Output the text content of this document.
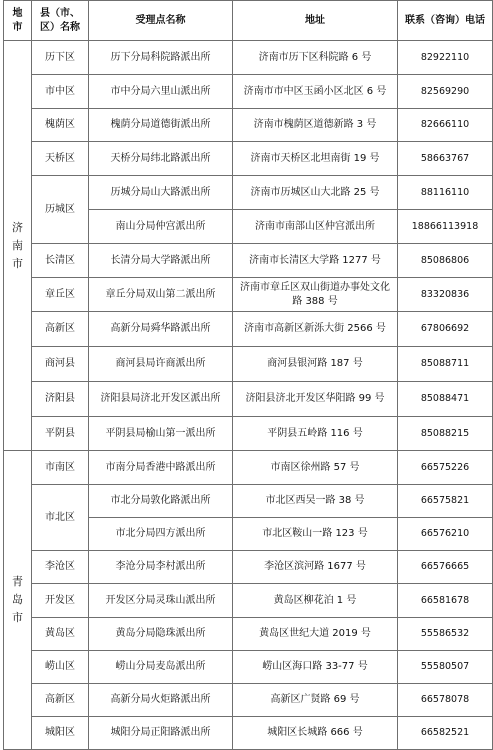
地市	县（市、区）名称	受理点名称	地址	联系（咨询）电话

济南市	历下区	历下分局科院路派出所	济南市历下区科院路 6 号	82922110
	市中区	市中分局六里山派出所	济南市市中区玉函小区北区 6 号	82569290
	槐荫区	槐荫分局道德街派出所	济南市槐荫区道德新路 3 号	82666110
	天桥区	天桥分局纬北路派出所	济南市天桥区北坦南街 19 号	58663767
	历城区	历城分局山大路派出所	济南市历城区山大北路 25 号	88116110
		南山分局仲宫派出所	济南市南部山区仲宫派出所	18866113918
	长清区	长清分局大学路派出所	济南市长清区大学路 1277 号	85086806
	章丘区	章丘分局双山第二派出所	济南市章丘区双山街道办事处文化路 388 号	83320836
	高新区	高新分局舜华路派出所	济南市高新区新泺大街 2566 号	67806692
	商河县	商河县局许商派出所	商河县银河路 187 号	85088711
	济阳县	济阳县局济北开发区派出所	济阳县济北开发区华阳路 99 号	85088471
	平阴县	平阴县局榆山第一派出所	平阴县五岭路 116 号	85088215

青岛市	市南区	市南分局香港中路派出所	市南区徐州路 57 号	66575226
	市北区	市北分局敦化路派出所	市北区西吴一路 38 号	66575821
		市北分局四方派出所	市北区鞍山一路 123 号	66576210
	李沧区	李沧分局李村派出所	李沧区滨河路 1677 号	66576665
	开发区	开发区分局灵珠山派出所	黄岛区柳花泊 1 号	66581678
	黄岛区	黄岛分局隐珠派出所	黄岛区世纪大道 2019 号	55586532
	崂山区	崂山分局麦岛派出所	崂山区海口路 33-77 号	55580507
	高新区	高新分局火炬路派出所	高新区广贤路 69 号	66578078
	城阳区	城阳分局正阳路派出所	城阳区长城路 666 号	66582521
